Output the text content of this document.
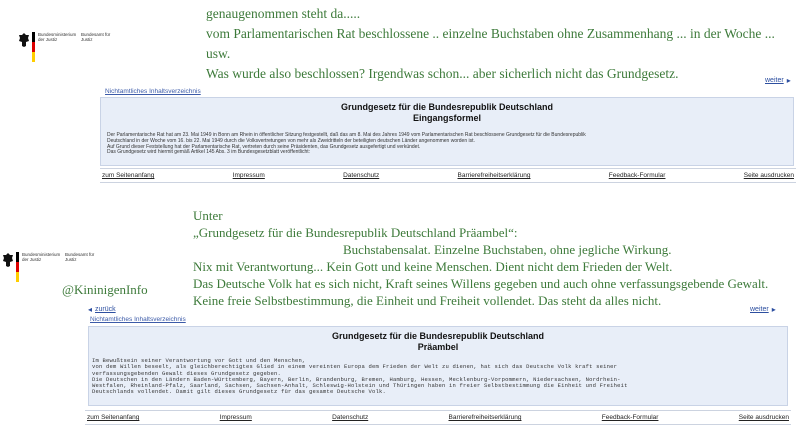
Bundesministerium der Justiz
Bundesamt für Justiz
genaugenommen steht da.....
vom Parlamentarischen Rat beschlossene .. einzelne Buchstaben ohne Zusammenhang ... in der Woche ... usw.
Was wurde also beschlossen? Irgendwas schon... aber sicherlich nicht das Grundgesetz.	weiter ▸
Nichtamtliches Inhaltsverzeichnis
Grundgesetz für die Bundesrepublik Deutschland
Eingangsformel
Der Parlamentarische Rat hat am 23. Mai 1949 in Bonn am Rhein in öffentlicher Sitzung festgestellt, daß das am 8. Mai des Jahres 1949 vom Parlamentarischen Rat beschlossene Grundgesetz für die Bundesrepublik
Deutschland in der Woche vom 16. bis 22. Mai 1949 durch die Volksvertretungen von mehr als Zweidritteln der beteiligten deutschen Länder angenommen worden ist.
Auf Grund dieser Feststellung hat der Parlamentarische Rat, vertreten durch seine Präsidenten, das Grundgesetz ausgefertigt und verkündet.
Das Grundgesetz wird hiermit gemäß Artikel 145 Abs. 3 im Bundesgesetzblatt veröffentlicht:
zum Seitenanfang	Impressum	Datenschutz	Barrierefreiheitserklärung	Feedback-Formular	Seite ausdrucken
Bundesministerium der Justiz
Bundesamt für Justiz
@KininigenInfo
Unter
„Grundgesetz für die Bundesrepublik Deutschland Präambel“:
Buchstabensalat. Einzelne Buchstaben, ohne jegliche Wirkung.
Nix mit Verantwortung... Kein Gott und keine Menschen. Dient nicht dem Frieden der Welt.
Das Deutsche Volk hat es sich nicht, Kraft seines Willens gegeben und auch ohne verfassungsgebende Gewalt.
Keine freie Selbstbestimmung, die Einheit und Freiheit vollendet. Das steht da alles nicht.
◂ zurück	weiter ▸
Nichtamtliches Inhaltsverzeichnis
Grundgesetz für die Bundesrepublik Deutschland
Präambel
Im Bewußtsein seiner Verantwortung vor Gott und den Menschen,
von dem Willen beseelt, als gleichberechtigtes Glied in einem vereinten Europa dem Frieden der Welt zu dienen, hat sich das Deutsche Volk kraft seiner
verfassungsgebenden Gewalt dieses Grundgesetz gegeben.
Die Deutschen in den Ländern Baden-Württemberg, Bayern, Berlin, Brandenburg, Bremen, Hamburg, Hessen, Mecklenburg-Vorpommern, Niedersachsen, Nordrhein-
Westfalen, Rheinland-Pfalz, Saarland, Sachsen, Sachsen-Anhalt, Schleswig-Holstein und Thüringen haben in freier Selbstbestimmung die Einheit und Freiheit
Deutschlands vollendet. Damit gilt dieses Grundgesetz für das gesamte Deutsche Volk.
zum Seitenanfang	Impressum	Datenschutz	Barrierefreiheitserklärung	Feedback-Formular	Seite ausdrucken
